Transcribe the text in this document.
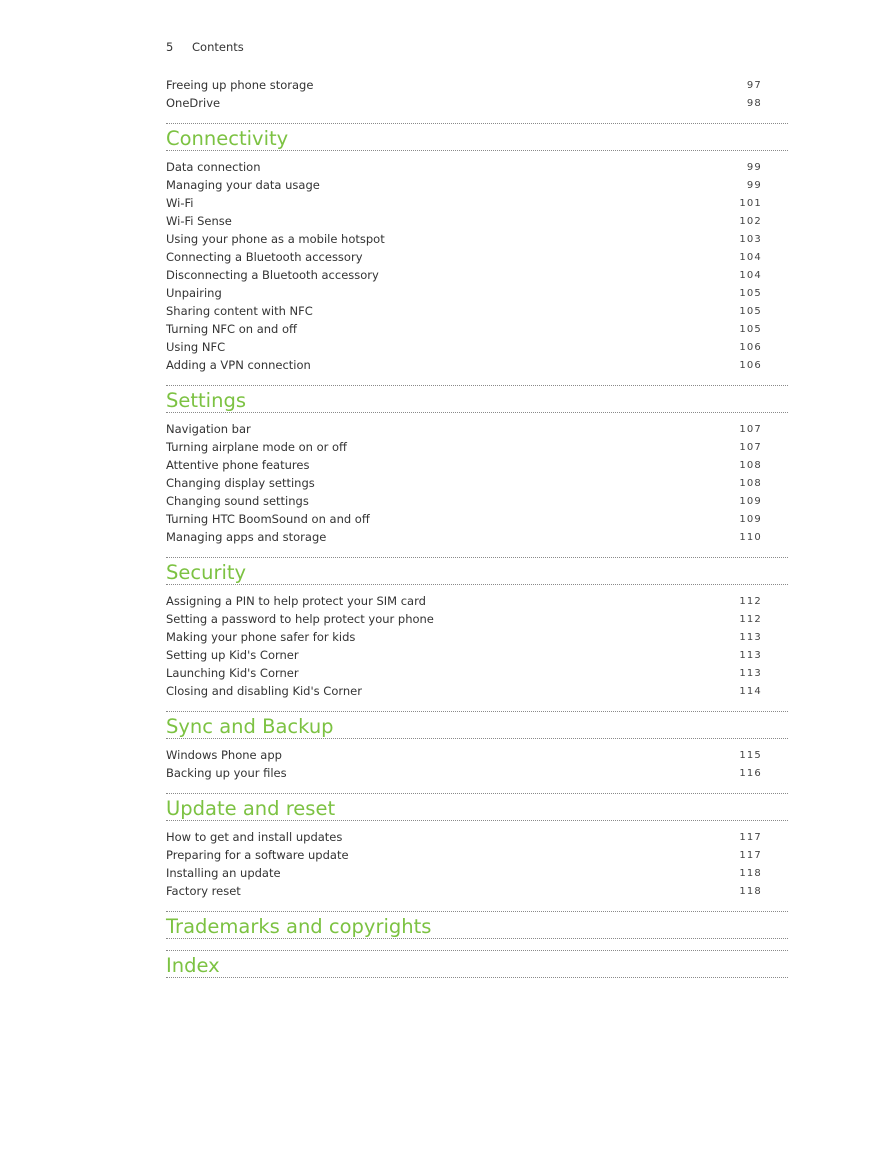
5	Contents
Freeing up phone storage	97
OneDrive	98
Connectivity
Data connection	99
Managing your data usage	99
Wi-Fi	101
Wi-Fi Sense	102
Using your phone as a mobile hotspot	103
Connecting a Bluetooth accessory	104
Disconnecting a Bluetooth accessory	104
Unpairing	105
Sharing content with NFC	105
Turning NFC on and off	105
Using NFC	106
Adding a VPN connection	106
Settings
Navigation bar	107
Turning airplane mode on or off	107
Attentive phone features	108
Changing display settings	108
Changing sound settings	109
Turning HTC BoomSound on and off	109
Managing apps and storage	110
Security
Assigning a PIN to help protect your SIM card	112
Setting a password to help protect your phone	112
Making your phone safer for kids	113
Setting up Kid's Corner	113
Launching Kid's Corner	113
Closing and disabling Kid's Corner	114
Sync and Backup
Windows Phone app	115
Backing up your files	116
Update and reset
How to get and install updates	117
Preparing for a software update	117
Installing an update	118
Factory reset	118
Trademarks and copyrights
Index
